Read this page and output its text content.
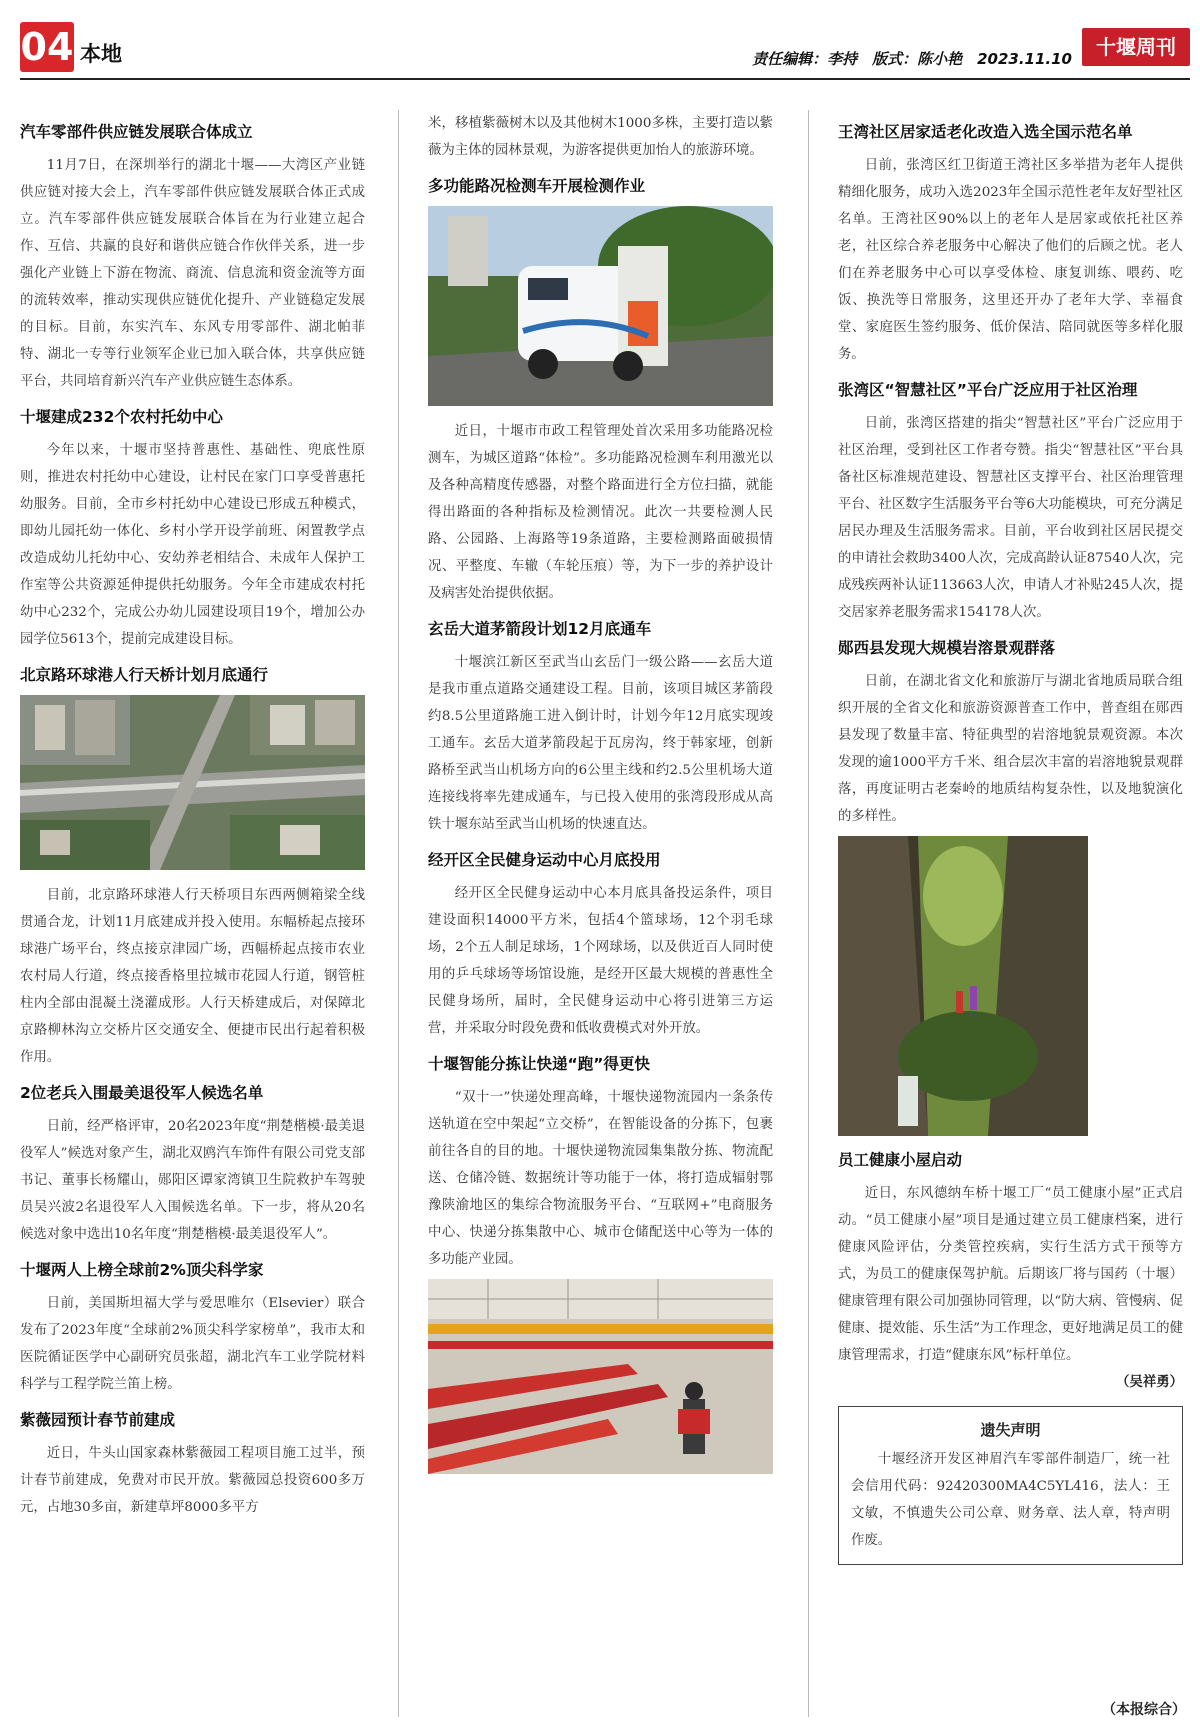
04 本地	责任编辑：李持　版式：陈小艳　2023.11.10	十堰周刊
汽车零部件供应链发展联合体成立

11月7日，在深圳举行的湖北十堰——大湾区产业链供应链对接大会上，汽车零部件供应链发展联合体正式成立。汽车零部件供应链发展联合体旨在为行业建立起合作、互信、共赢的良好和谐供应链合作伙伴关系，进一步强化产业链上下游在物流、商流、信息流和资金流等方面的流转效率，推动实现供应链优化提升、产业链稳定发展的目标。目前，东实汽车、东风专用零部件、湖北帕菲特、湖北一专等行业领军企业已加入联合体，共享供应链平台，共同培育新兴汽车产业供应链生态体系。

十堰建成232个农村托幼中心

今年以来，十堰市坚持普惠性、基础性、兜底性原则，推进农村托幼中心建设，让村民在家门口享受普惠托幼服务。目前，全市乡村托幼中心建设已形成五种模式，即幼儿园托幼一体化、乡村小学开设学前班、闲置教学点改造成幼儿托幼中心、安幼养老相结合、未成年人保护工作室等公共资源延伸提供托幼服务。今年全市建成农村托幼中心232个，完成公办幼儿园建设项目19个，增加公办园学位5613个，提前完成建设目标。

北京路环球港人行天桥计划月底通行

目前，北京路环球港人行天桥项目东西两侧箱梁全线贯通合龙，计划11月底建成并投入使用。东幅桥起点接环球港广场平台，终点接京津园广场，西幅桥起点接市农业农村局人行道，终点接香格里拉城市花园人行道，钢管桩柱内全部由混凝土浇灌成形。人行天桥建成后，对保障北京路柳林沟立交桥片区交通安全、便捷市民出行起着积极作用。

2位老兵入围最美退役军人候选名单

日前，经严格评审，20名2023年度“荆楚楷模·最美退役军人”候选对象产生，湖北双鸥汽车饰件有限公司党支部书记、董事长杨耀山，郧阳区谭家湾镇卫生院救护车驾驶员吴兴波2名退役军人入围候选名单。下一步，将从20名候选对象中选出10名年度“荆楚楷模·最美退役军人”。

十堰两人上榜全球前2%顶尖科学家

日前，美国斯坦福大学与爱思唯尔（Elsevier）联合发布了2023年度“全球前2%顶尖科学家榜单”，我市太和医院循证医学中心副研究员张超，湖北汽车工业学院材料科学与工程学院兰笛上榜。

紫薇园预计春节前建成

近日，牛头山国家森林紫薇园工程项目施工过半，预计春节前建成，免费对市民开放。紫薇园总投资600多万元，占地30多亩，新建草坪8000多平方

米，移植紫薇树木以及其他树木1000多株，主要打造以紫薇为主体的园林景观，为游客提供更加怡人的旅游环境。

多功能路况检测车开展检测作业

近日，十堰市市政工程管理处首次采用多功能路况检测车，为城区道路“体检”。多功能路况检测车利用激光以及各种高精度传感器，对整个路面进行全方位扫描，就能得出路面的各种指标及检测情况。此次一共要检测人民路、公园路、上海路等19条道路，主要检测路面破损情况、平整度、车辙（车轮压痕）等，为下一步的养护设计及病害处治提供依据。

玄岳大道茅箭段计划12月底通车

十堰滨江新区至武当山玄岳门一级公路——玄岳大道是我市重点道路交通建设工程。目前，该项目城区茅箭段约8.5公里道路施工进入倒计时，计划今年12月底实现竣工通车。玄岳大道茅箭段起于瓦房沟，终于韩家垭，创新路桥至武当山机场方向的6公里主线和约2.5公里机场大道连接线将率先建成通车，与已投入使用的张湾段形成从高铁十堰东站至武当山机场的快速直达。

经开区全民健身运动中心月底投用

经开区全民健身运动中心本月底具备投运条件，项目建设面积14000平方米，包括4个篮球场，12个羽毛球场，2个五人制足球场，1个网球场，以及供近百人同时使用的乒乓球场等场馆设施，是经开区最大规模的普惠性全民健身场所，届时，全民健身运动中心将引进第三方运营，并采取分时段免费和低收费模式对外开放。

十堰智能分拣让快递“跑”得更快

“双十一”快递处理高峰，十堰快递物流园内一条条传送轨道在空中架起“立交桥”，在智能设备的分拣下，包裹前往各自的目的地。十堰快递物流园集集散分拣、物流配送、仓储冷链、数据统计等功能于一体，将打造成辐射鄂豫陕渝地区的集综合物流服务平台、“互联网+”电商服务中心、快递分拣集散中心、城市仓储配送中心等为一体的多功能产业园。

王湾社区居家适老化改造入选全国示范名单

日前，张湾区红卫街道王湾社区多举措为老年人提供精细化服务，成功入选2023年全国示范性老年友好型社区名单。王湾社区90%以上的老年人是居家或依托社区养老，社区综合养老服务中心解决了他们的后顾之忧。老人们在养老服务中心可以享受体检、康复训练、喂药、吃饭、换洗等日常服务，这里还开办了老年大学、幸福食堂、家庭医生签约服务、低价保洁、陪同就医等多样化服务。

张湾区“智慧社区”平台广泛应用于社区治理

日前，张湾区搭建的指尖“智慧社区”平台广泛应用于社区治理，受到社区工作者夸赞。指尖“智慧社区”平台具备社区标准规范建设、智慧社区支撑平台、社区治理管理平台、社区数字生活服务平台等6大功能模块，可充分满足居民办理及生活服务需求。目前，平台收到社区居民提交的申请社会救助3400人次，完成高龄认证87540人次，完成残疾两补认证113663人次，申请人才补贴245人次，提交居家养老服务需求154178人次。

郧西县发现大规模岩溶景观群落

日前，在湖北省文化和旅游厅与湖北省地质局联合组织开展的全省文化和旅游资源普查工作中，普查组在郧西县发现了数量丰富、特征典型的岩溶地貌景观资源。本次发现的逾1000平方千米、组合层次丰富的岩溶地貌景观群落，再度证明古老秦岭的地质结构复杂性，以及地貌演化的多样性。

员工健康小屋启动

近日，东风德纳车桥十堰工厂“员工健康小屋”正式启动。“员工健康小屋”项目是通过建立员工健康档案，进行健康风险评估，分类管控疾病，实行生活方式干预等方式，为员工的健康保驾护航。后期该厂将与国药（十堰）健康管理有限公司加强协同管理，以“防大病、管慢病、促健康、提效能、乐生活”为工作理念，更好地满足员工的健康管理需求，打造“健康东风”标杆单位。

（吴祥勇）
遗失声明

十堰经济开发区神眉汽车零部件制造厂，统一社会信用代码：92420300MA4C5YL416，法人：王文敏，不慎遗失公司公章、财务章、法人章，特声明作废。

（本报综合）
